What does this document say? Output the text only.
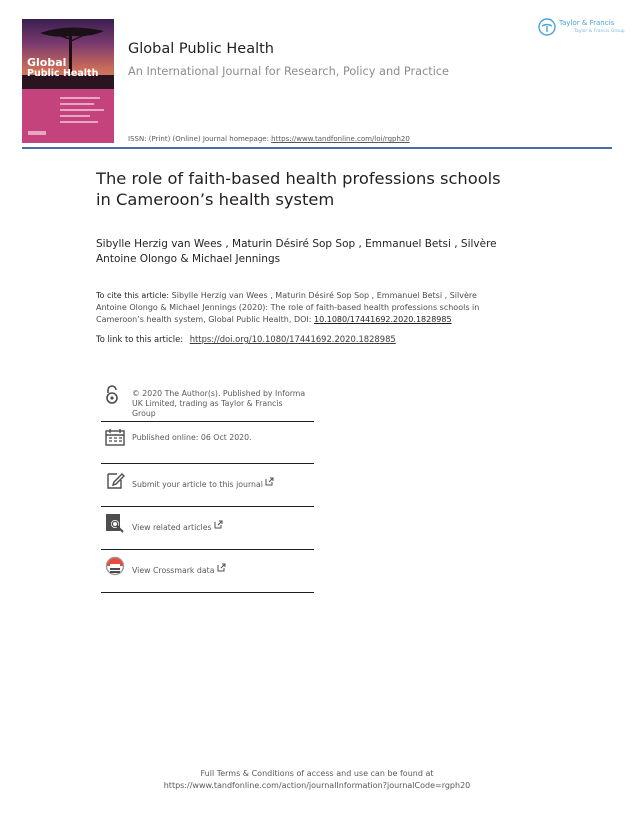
Global
Public Health
Global Public Health
An International Journal for Research, Policy and Practice
ISSN: (Print) (Online) Journal homepage: https://www.tandfonline.com/loi/rgph20
Taylor & Francis
Taylor & Francis Group
The role of faith-based health professions schools
in Cameroon’s health system
Sibylle Herzig van Wees , Maturin Désiré Sop Sop , Emmanuel Betsi , Silvère
Antoine Olongo & Michael Jennings
To cite this article: Sibylle Herzig van Wees , Maturin Désiré Sop Sop , Emmanuel Betsi , Silvère
Antoine Olongo & Michael Jennings (2020): The role of faith-based health professions schools in
Cameroon’s health system, Global Public Health, DOI: 10.1080/17441692.2020.1828985
To link to this article: https://doi.org/10.1080/17441692.2020.1828985
© 2020 The Author(s). Published by Informa
UK Limited, trading as Taylor & Francis
Group
Published online: 06 Oct 2020.
Submit your article to this journal
View related articles
View Crossmark data
Full Terms & Conditions of access and use can be found at
https://www.tandfonline.com/action/journalInformation?journalCode=rgph20
